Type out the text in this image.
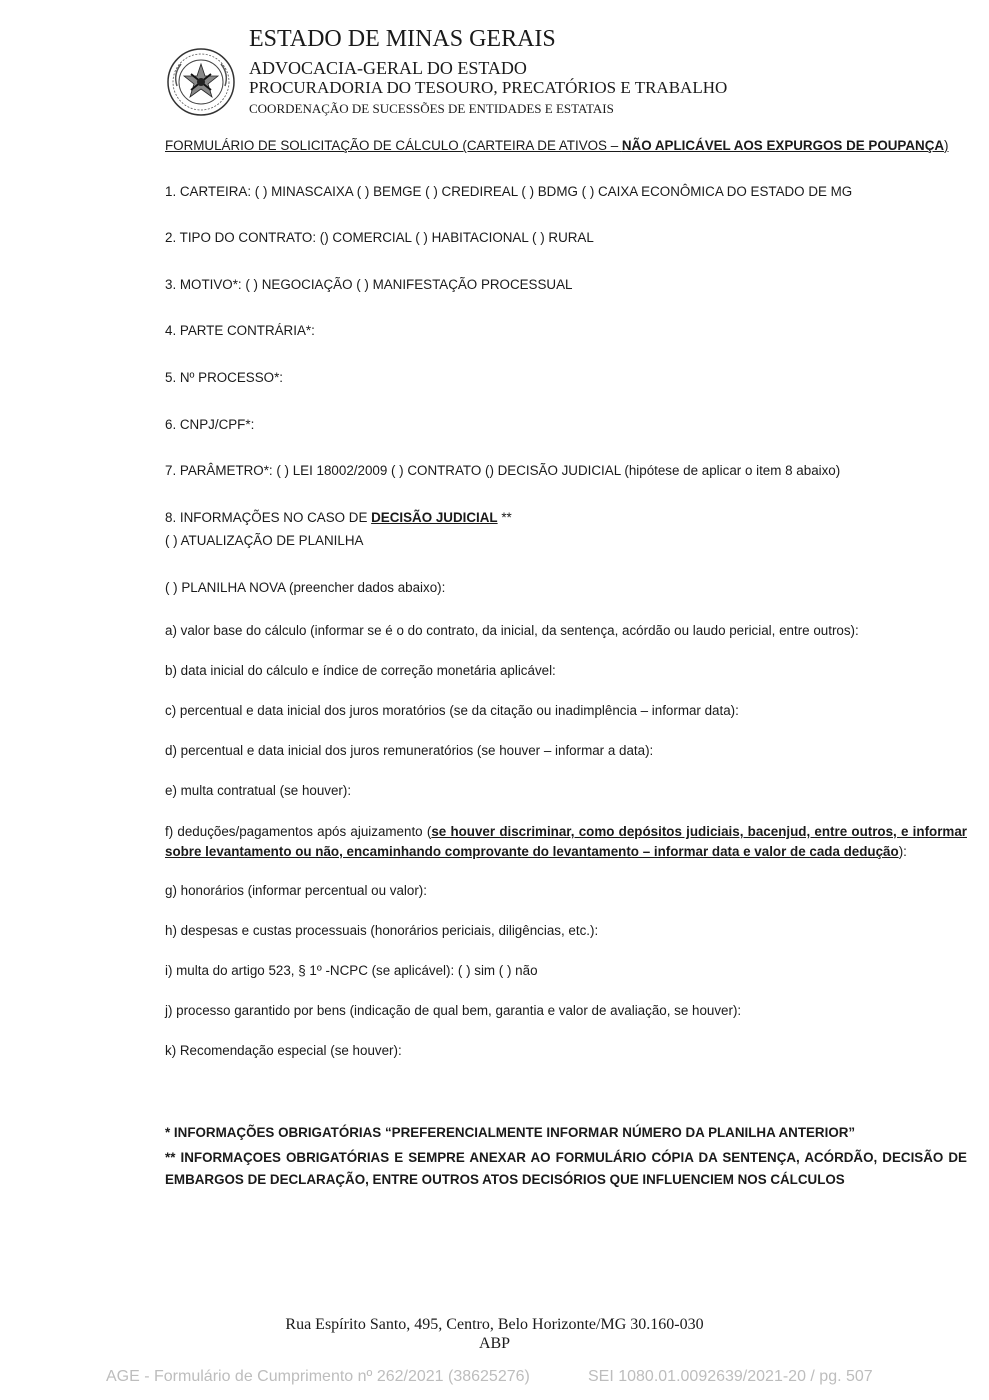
ESTADO DE MINAS GERAIS
ADVOCACIA-GERAL DO ESTADO
PROCURADORIA DO TESOURO, PRECATÓRIOS E TRABALHO
COORDENAÇÃO DE SUCESSÕES DE ENTIDADES E ESTATAIS
FORMULÁRIO DE SOLICITAÇÃO DE CÁLCULO (CARTEIRA DE ATIVOS – NÃO APLICÁVEL AOS EXPURGOS DE POUPANÇA)
1. CARTEIRA: ( ) MINASCAIXA ( ) BEMGE ( ) CREDIREAL ( ) BDMG ( ) CAIXA ECONÔMICA DO ESTADO DE MG
2. TIPO DO CONTRATO: () COMERCIAL ( ) HABITACIONAL ( ) RURAL
3. MOTIVO*: ( ) NEGOCIAÇÃO ( ) MANIFESTAÇÃO PROCESSUAL
4. PARTE CONTRÁRIA*:
5. Nº PROCESSO*:
6. CNPJ/CPF*:
7. PARÂMETRO*: ( ) LEI 18002/2009 ( ) CONTRATO () DECISÃO JUDICIAL (hipótese de aplicar o item 8 abaixo)
8. INFORMAÇÕES NO CASO DE DECISÃO JUDICIAL **
( ) ATUALIZAÇÃO DE PLANILHA
( ) PLANILHA NOVA (preencher dados abaixo):
a) valor base do cálculo (informar se é o do contrato, da inicial, da sentença, acórdão ou laudo pericial, entre outros):
b) data inicial do cálculo e índice de correção monetária aplicável:
c) percentual e data inicial dos juros moratórios (se da citação ou inadimplência – informar data):
d) percentual e data inicial dos juros remuneratórios (se houver – informar a data):
e) multa contratual (se houver):
f) deduções/pagamentos após ajuizamento (se houver discriminar, como depósitos judiciais, bacenjud, entre outros, e informar sobre levantamento ou não, encaminhando comprovante do levantamento – informar data e valor de cada dedução):
g) honorários (informar percentual ou valor):
h) despesas e custas processuais (honorários periciais, diligências, etc.):
i) multa do artigo 523, § 1º -NCPC (se aplicável): ( ) sim ( ) não
j) processo garantido por bens (indicação de qual bem, garantia e valor de avaliação, se houver):
k) Recomendação especial (se houver):
* INFORMAÇÕES OBRIGATÓRIAS “PREFERENCIALMENTE INFORMAR NÚMERO DA PLANILHA ANTERIOR”
** INFORMAÇOES OBRIGATÓRIAS E SEMPRE ANEXAR AO FORMULÁRIO CÓPIA DA SENTENÇA, ACÓRDÃO, DECISÃO DE EMBARGOS DE DECLARAÇÃO, ENTRE OUTROS ATOS DECISÓRIOS QUE INFLUENCIEM NOS CÁLCULOS
Rua Espírito Santo, 495, Centro, Belo Horizonte/MG 30.160-030
ABP
AGE - Formulário de Cumprimento nº 262/2021 (38625276)	SEI 1080.01.0092639/2021-20 / pg. 507
